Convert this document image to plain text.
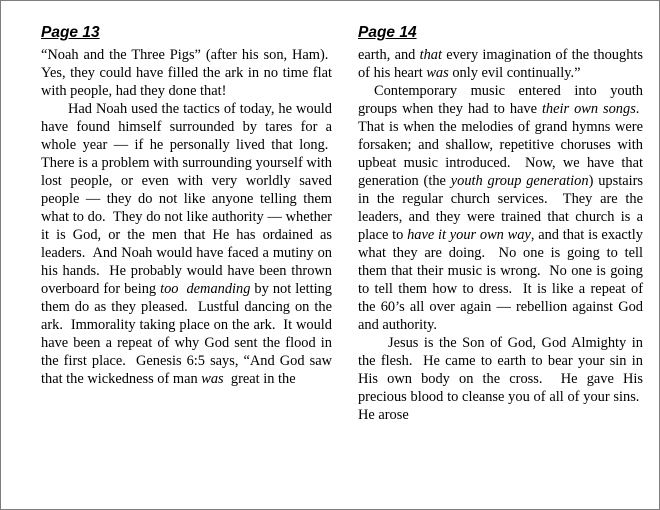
Page 13

“Noah and the Three Pigs” (after his son, Ham).  Yes, they could have filled the ark in no time flat with people, had they done that!

Had Noah used the tactics of today, he would have found himself surrounded by tares for a whole year — if he personally lived that long.  There is a problem with surrounding yourself with lost people, or even with very worldly saved people — they do not like anyone telling them what to do.  They do not like authority — whether it is God, or the men that He has ordained as leaders.  And Noah would have faced a mutiny on his hands.  He probably would have been thrown overboard for being too  demanding by not letting them do as they pleased.  Lustful dancing on the ark.  Immorality taking place on the ark.  It would have been a repeat of why God sent the flood in the first place.  Genesis 6:5 says, “And God saw that the wickedness of man was  great in the

Page 14

earth, and that every imagination of the thoughts of his heart was only evil continually.”

Contemporary music entered into youth groups when they had to have their own songs.  That is when the melodies of grand hymns were forsaken; and shallow, repetitive choruses with upbeat music introduced.  Now, we have that generation (the youth group generation) upstairs in the regular church services.  They are the leaders, and they were trained that church is a place to have it your own way, and that is exactly what they are doing.  No one is going to tell them that their music is wrong.  No one is going to tell them how to dress.  It is like a repeat of the 60’s all over again — rebellion against God and authority.

Jesus is the Son of God, God Almighty in the flesh.  He came to earth to bear your sin in His own body on the cross.  He gave His precious blood to cleanse you of all of your sins.  He arose
